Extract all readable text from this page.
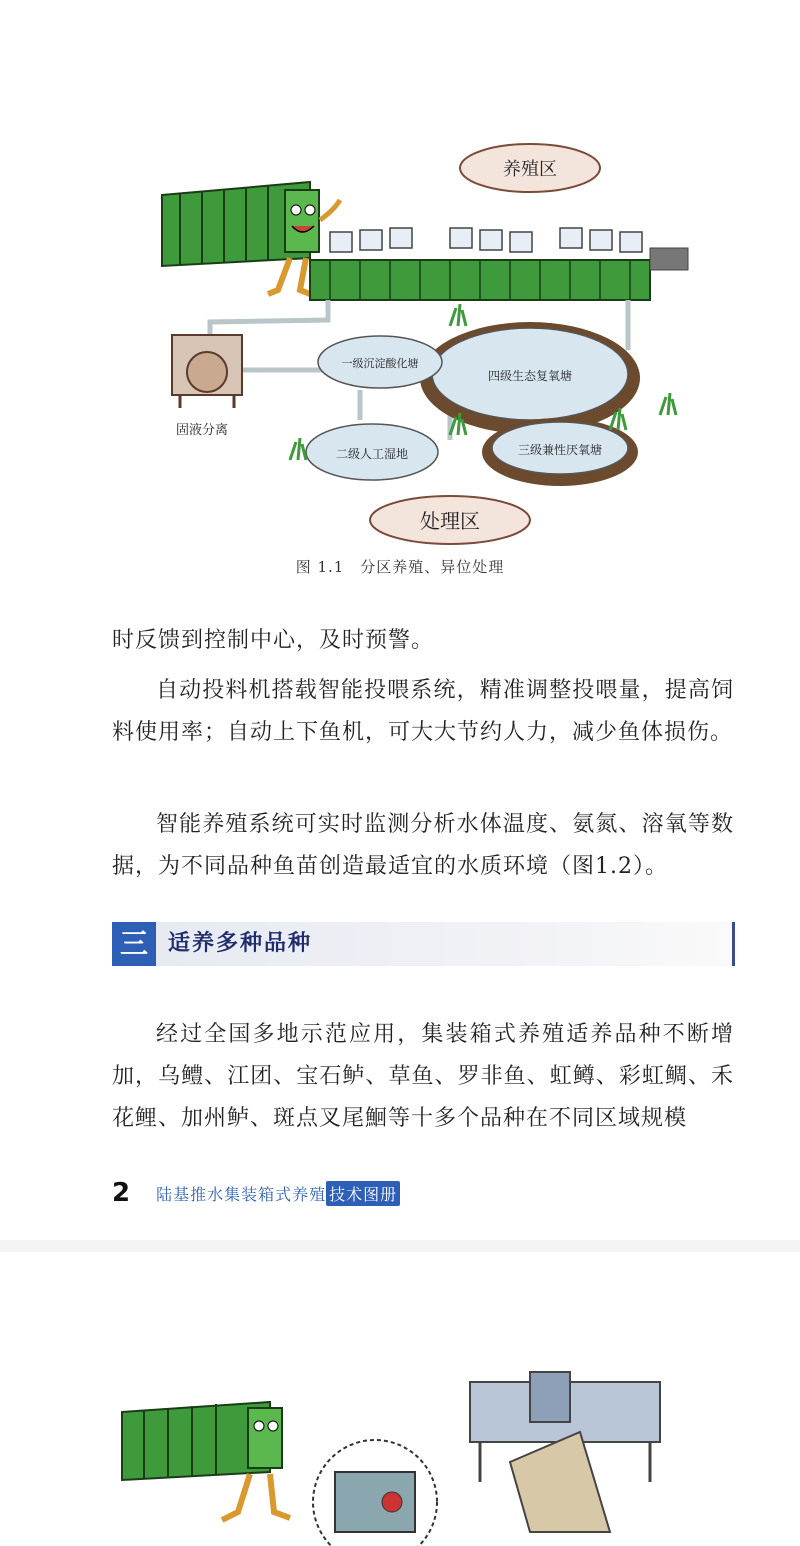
养殖区
固液分离
四级生态复氧塘
一级沉淀酸化塘
二级人工湿地	三级兼性厌氧塘
处理区
图 1.1　分区养殖、异位处理

时反馈到控制中心，及时预警。

自动投料机搭载智能投喂系统，精准调整投喂量，提高饲料使用率；自动上下鱼机，可大大节约人力，减少鱼体损伤。

智能养殖系统可实时监测分析水体温度、氨氮、溶氧等数据，为不同品种鱼苗创造最适宜的水质环境（图1.2）。

三 适养多种品种

经过全国多地示范应用，集装箱式养殖适养品种不断增加，乌鳢、江团、宝石鲈、草鱼、罗非鱼、虹鳟、彩虹鲷、禾花鲤、加州鲈、斑点叉尾鮰等十多个品种在不同区域规模

2 陆基推水集装箱式养殖 技术图册
